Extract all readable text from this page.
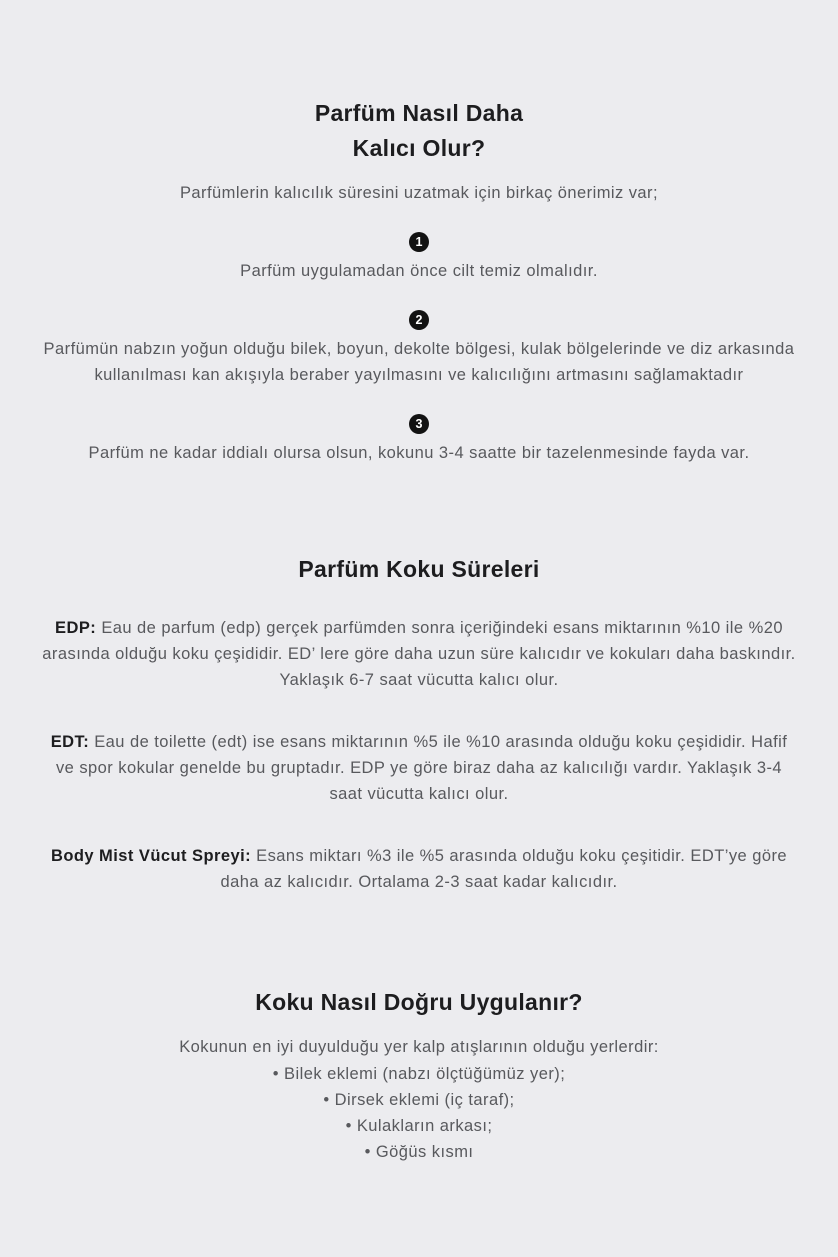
Parfüm Nasıl Daha
Kalıcı Olur?
Parfümlerin kalıcılık süresini uzatmak için birkaç önerimiz var;
1
Parfüm uygulamadan önce cilt temiz olmalıdır.
2
Parfümün nabzın yoğun olduğu bilek, boyun, dekolte bölgesi, kulak bölgelerinde ve diz arkasında kullanılması kan akışıyla beraber yayılmasını ve kalıcılığını artmasını sağlamaktadır
3
Parfüm ne kadar iddialı olursa olsun, kokunu 3-4 saatte bir tazelenmesinde fayda var.
Parfüm Koku Süreleri
EDP: Eau de parfum (edp) gerçek parfümden sonra içeriğindeki esans miktarının %10 ile %20 arasında olduğu koku çeşididir. ED’ lere göre daha uzun süre kalıcıdır ve kokuları daha baskındır. Yaklaşık 6-7 saat vücutta kalıcı olur.
EDT: Eau de toilette (edt) ise esans miktarının %5 ile %10 arasında olduğu koku çeşididir. Hafif ve spor kokular genelde bu gruptadır. EDP ye göre biraz daha az kalıcılığı vardır. Yaklaşık 3-4 saat vücutta kalıcı olur.
Body Mist Vücut Spreyi: Esans miktarı %3 ile %5 arasında olduğu koku çeşitidir. EDT’ye göre daha az kalıcıdır. Ortalama 2-3 saat kadar kalıcıdır.
Koku Nasıl Doğru Uygulanır?
Kokunun en iyi duyulduğu yer kalp atışlarının olduğu yerlerdir:
• Bilek eklemi (nabzı ölçtüğümüz yer);
• Dirsek eklemi (iç taraf);
• Kulakların arkası;
• Göğüs kısmı
